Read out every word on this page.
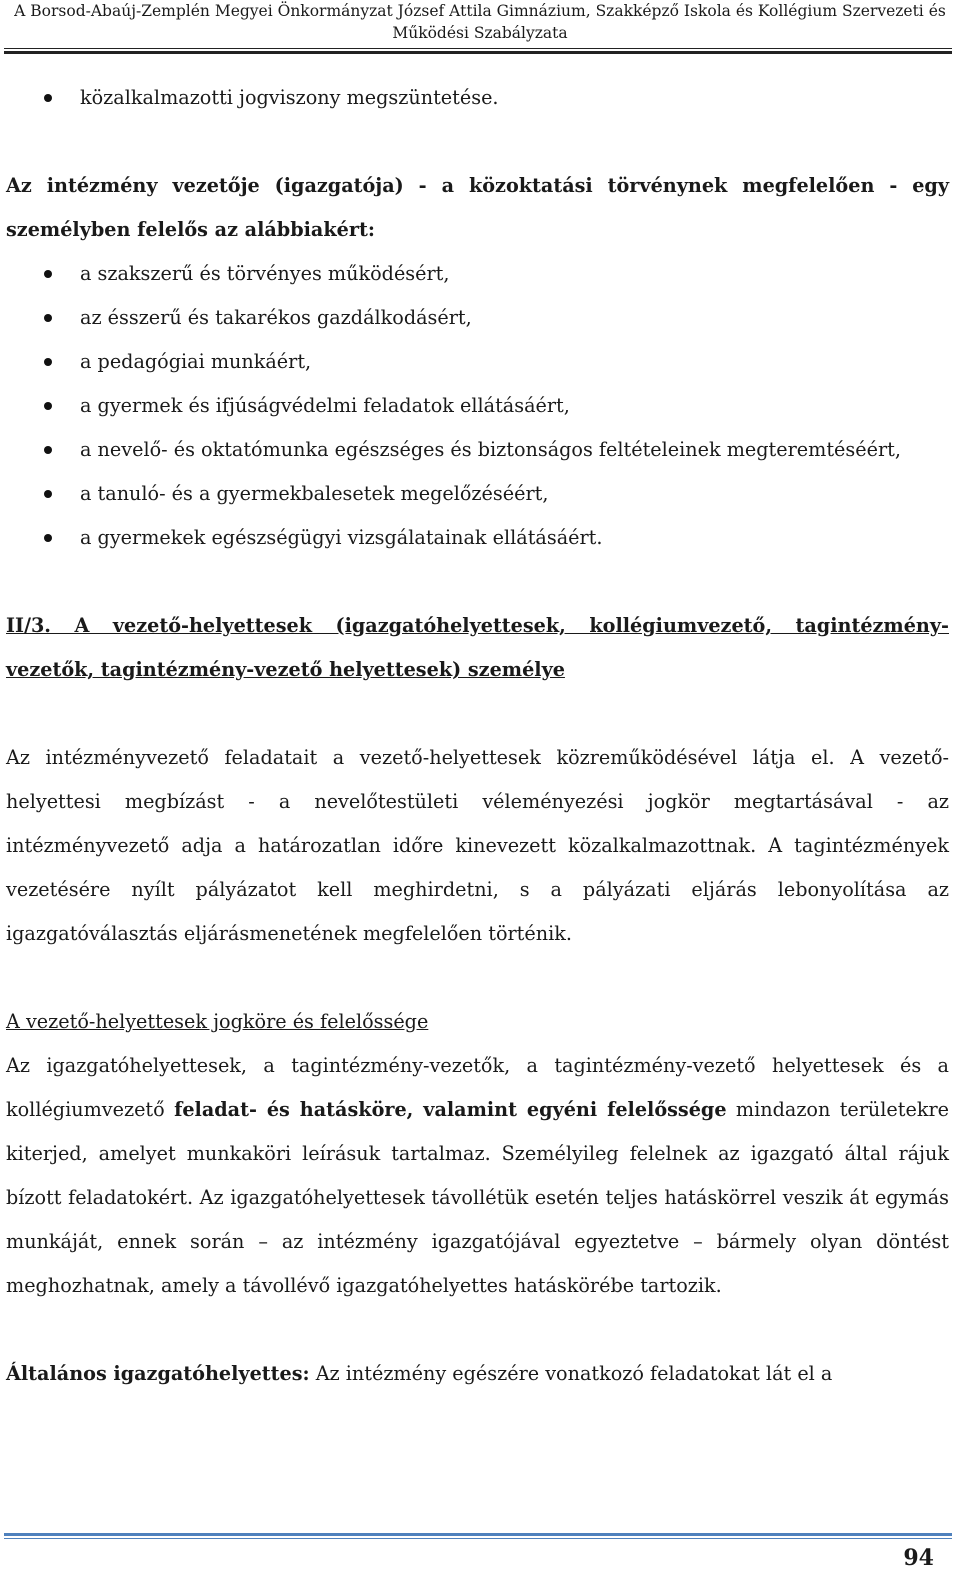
A Borsod-Abaúj-Zemplén Megyei Önkormányzat József Attila Gimnázium, Szakképző Iskola és Kollégium Szervezeti és
Működési Szabályzata
közalkalmazotti jogviszony megszüntetése.

Az intézmény vezetője (igazgatója) - a közoktatási törvénynek megfelelően - egy személyben felelős az alábbiakért:

a szakszerű és törvényes működésért,
az ésszerű és takarékos gazdálkodásért,
a pedagógiai munkáért,
a gyermek és ifjúságvédelmi feladatok ellátásáért,
a nevelő- és oktatómunka egészséges és biztonságos feltételeinek megteremtéséért,
a tanuló- és a gyermekbalesetek megelőzéséért,
a gyermekek egészségügyi vizsgálatainak ellátásáért.

II/3. A vezető-helyettesek (igazgatóhelyettesek, kollégiumvezető, tagintézmény-vezetők, tagintézmény-vezető helyettesek) személye

Az intézményvezető feladatait a vezető-helyettesek közreműködésével látja el. A vezető-helyettesi megbízást - a nevelőtestületi véleményezési jogkör megtartásával - az intézményvezető adja a határozatlan időre kinevezett közalkalmazottnak. A tagintézmények vezetésére nyílt pályázatot kell meghirdetni, s a pályázati eljárás lebonyolítása az igazgatóválasztás eljárásmenetének megfelelően történik.

A vezető-helyettesek jogköre és felelőssége

Az igazgatóhelyettesek, a tagintézmény-vezetők, a tagintézmény-vezető helyettesek és a kollégiumvezető feladat- és hatásköre, valamint egyéni felelőssége mindazon területekre kiterjed, amelyet munkaköri leírásuk tartalmaz. Személyileg felelnek az igazgató által rájuk bízott feladatokért. Az igazgatóhelyettesek távollétük esetén teljes hatáskörrel veszik át egymás munkáját, ennek során – az intézmény igazgatójával egyeztetve – bármely olyan döntést meghozhatnak, amely a távollévő igazgatóhelyettes hatáskörébe tartozik.

Általános igazgatóhelyettes: Az intézmény egészére vonatkozó feladatokat lát el a

94
